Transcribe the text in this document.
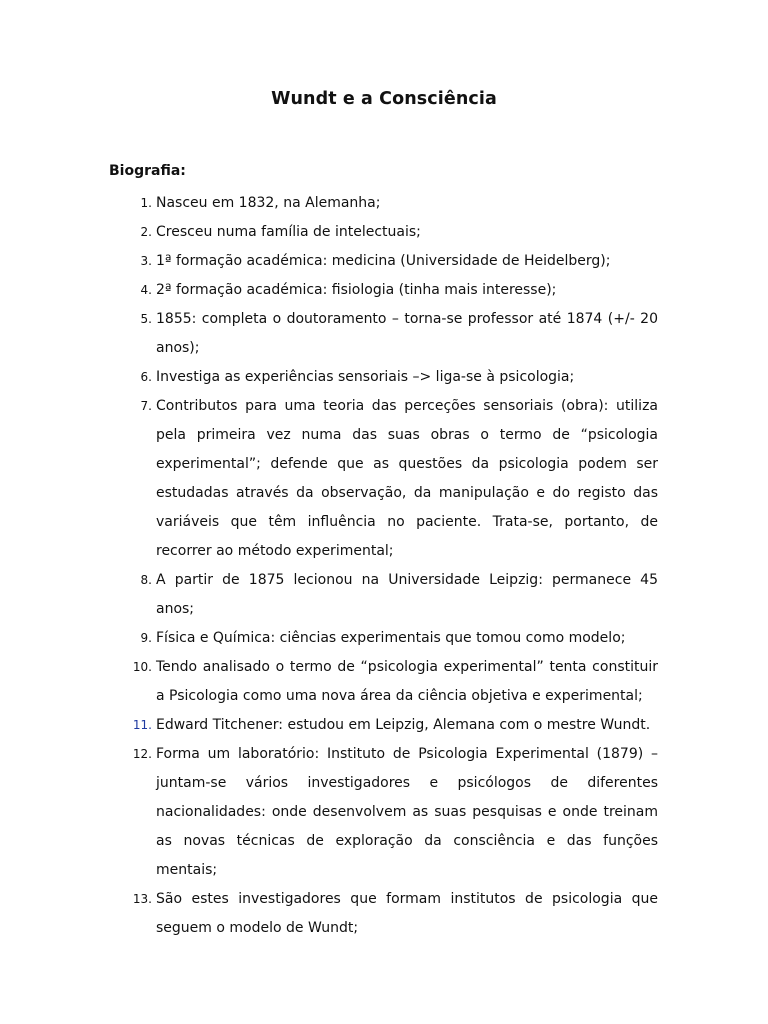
Wundt e a Consciência
Biografia:
1. Nasceu em 1832, na Alemanha;
2. Cresceu numa família de intelectuais;
3. 1ª formação académica: medicina (Universidade de Heidelberg);
4. 2ª formação académica: fisiologia (tinha mais interesse);
5. 1855: completa o doutoramento – torna-se professor até 1874 (+/- 20 anos);
6. Investiga as experiências sensoriais –> liga-se à psicologia;
7. Contributos para uma teoria das perceções sensoriais (obra): utiliza pela primeira vez numa das suas obras o termo de “psicologia experimental”; defende que as questões da psicologia podem ser estudadas através da observação, da manipulação e do registo das variáveis que têm influência no paciente. Trata-se, portanto, de recorrer ao método experimental;
8. A partir de 1875 lecionou na Universidade Leipzig: permanece 45 anos;
9. Física e Química: ciências experimentais que tomou como modelo;
10. Tendo analisado o termo de “psicologia experimental” tenta constituir a Psicologia como uma nova área da ciência objetiva e experimental;
11. Edward Titchener: estudou em Leipzig, Alemana com o mestre Wundt.
12. Forma um laboratório: Instituto de Psicologia Experimental (1879) – juntam-se vários investigadores e psicólogos de diferentes nacionalidades: onde desenvolvem as suas pesquisas e onde treinam as novas técnicas de exploração da consciência e das funções mentais;
13. São estes investigadores que formam institutos de psicologia que seguem o modelo de Wundt;
